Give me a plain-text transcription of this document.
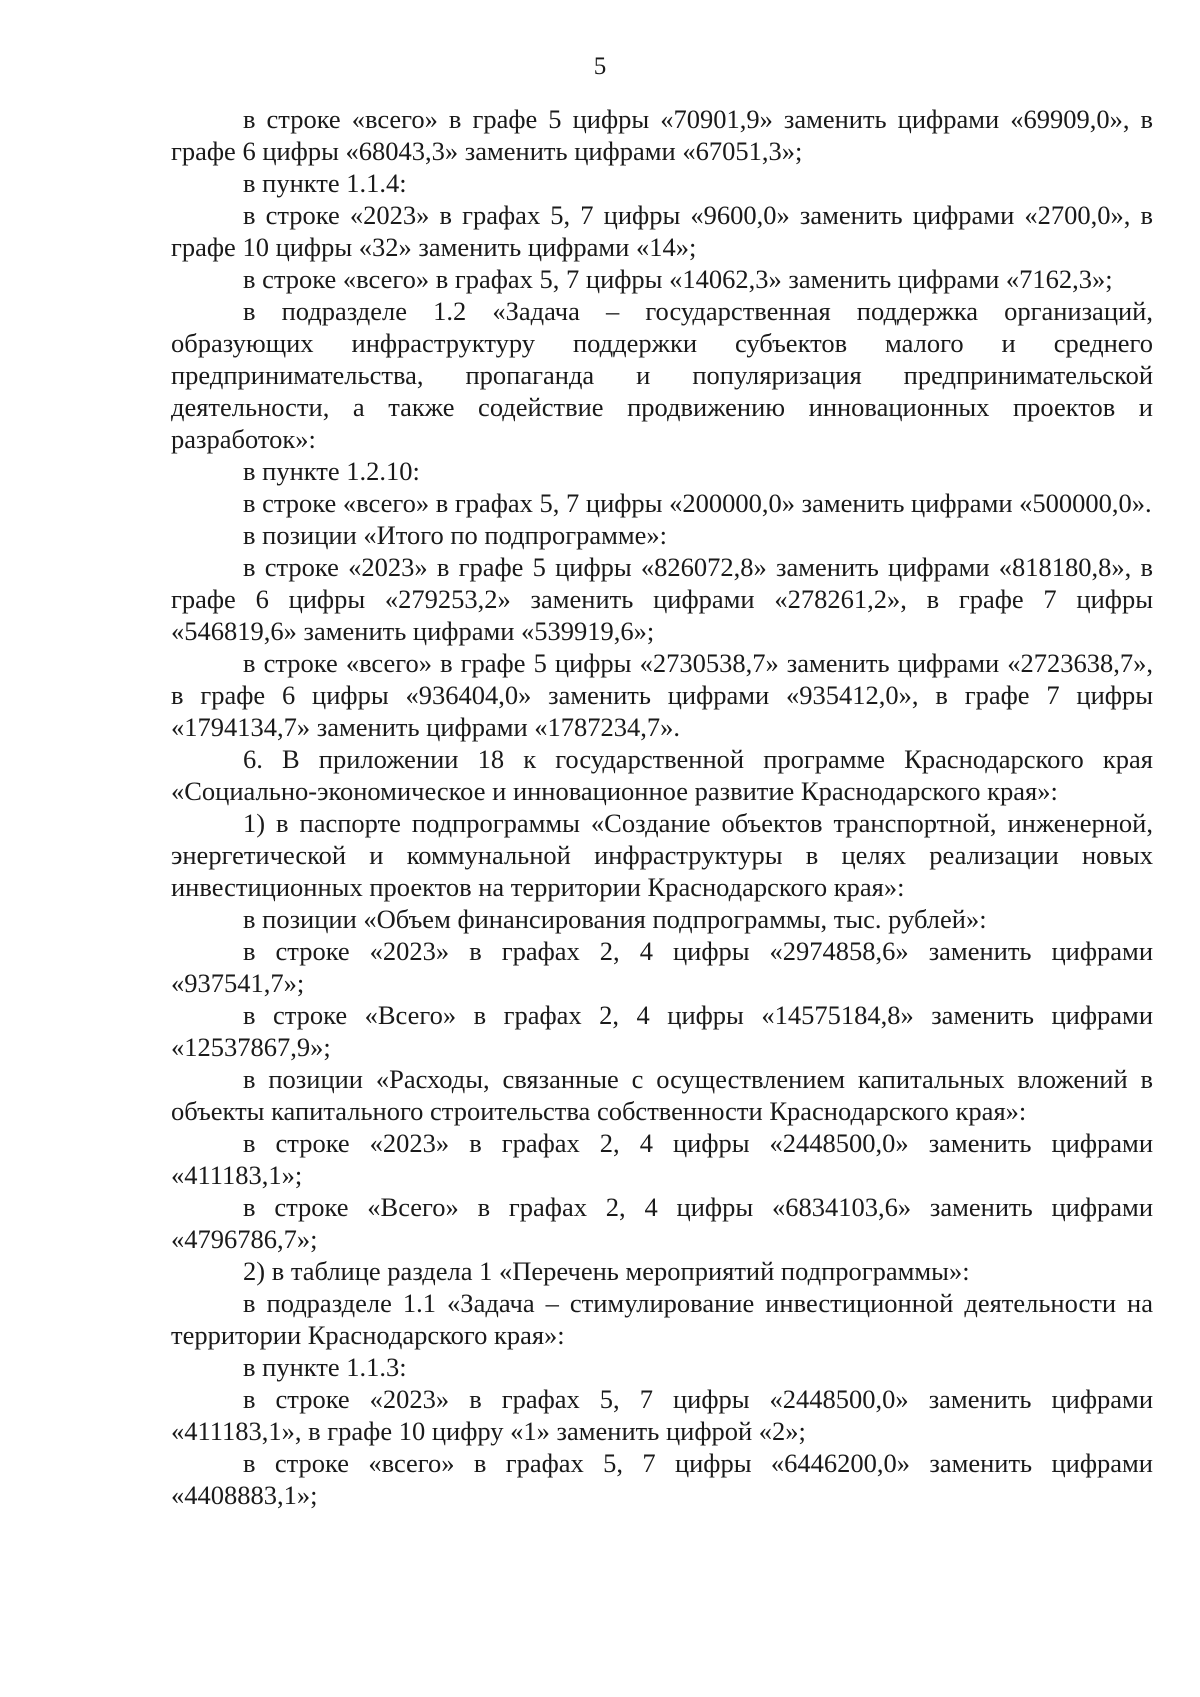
5

в строке «всего» в графе 5 цифры «70901,9» заменить цифрами «69909,0», в графе 6 цифры «68043,3» заменить цифрами «67051,3»;

в пункте 1.1.4:

в строке «2023» в графах 5, 7 цифры «9600,0» заменить цифрами «2700,0», в графе 10 цифры «32» заменить цифрами «14»;

в строке «всего» в графах 5, 7 цифры «14062,3» заменить цифрами «7162,3»;

в подразделе 1.2 «Задача – государственная поддержка организаций, образующих инфраструктуру поддержки субъектов малого и среднего предпринимательства, пропаганда и популяризация предпринимательской деятельности, а также содействие продвижению инновационных проектов и разработок»:

в пункте 1.2.10:

в строке «всего» в графах 5, 7 цифры «200000,0» заменить цифрами «500000,0».

в позиции «Итого по подпрограмме»:

в строке «2023» в графе 5 цифры «826072,8» заменить цифрами «818180,8», в графе 6 цифры «279253,2» заменить цифрами «278261,2», в графе 7 цифры «546819,6» заменить цифрами «539919,6»;

в строке «всего» в графе 5 цифры «2730538,7» заменить цифрами «2723638,7», в графе 6 цифры «936404,0» заменить цифрами «935412,0», в графе 7 цифры «1794134,7» заменить цифрами «1787234,7».

6. В приложении 18 к государственной программе Краснодарского края «Социально-экономическое и инновационное развитие Краснодарского края»:

1) в паспорте подпрограммы «Создание объектов транспортной, инженерной, энергетической и коммунальной инфраструктуры в целях реализации новых инвестиционных проектов на территории Краснодарского края»:

в позиции «Объем финансирования подпрограммы, тыс. рублей»:

в строке «2023» в графах 2, 4 цифры «2974858,6» заменить цифрами «937541,7»;

в строке «Всего» в графах 2, 4 цифры «14575184,8» заменить цифрами «12537867,9»;

в позиции «Расходы, связанные с осуществлением капитальных вложений в объекты капитального строительства собственности Краснодарского края»:

в строке «2023» в графах 2, 4 цифры «2448500,0» заменить цифрами «411183,1»;

в строке «Всего» в графах 2, 4 цифры «6834103,6» заменить цифрами «4796786,7»;

2) в таблице раздела 1 «Перечень мероприятий подпрограммы»:

в подразделе 1.1 «Задача – стимулирование инвестиционной деятельности на территории Краснодарского края»:

в пункте 1.1.3:

в строке «2023» в графах 5, 7 цифры «2448500,0» заменить цифрами «411183,1», в графе 10 цифру «1» заменить цифрой «2»;

в строке «всего» в графах 5, 7 цифры «6446200,0» заменить цифрами «4408883,1»;
